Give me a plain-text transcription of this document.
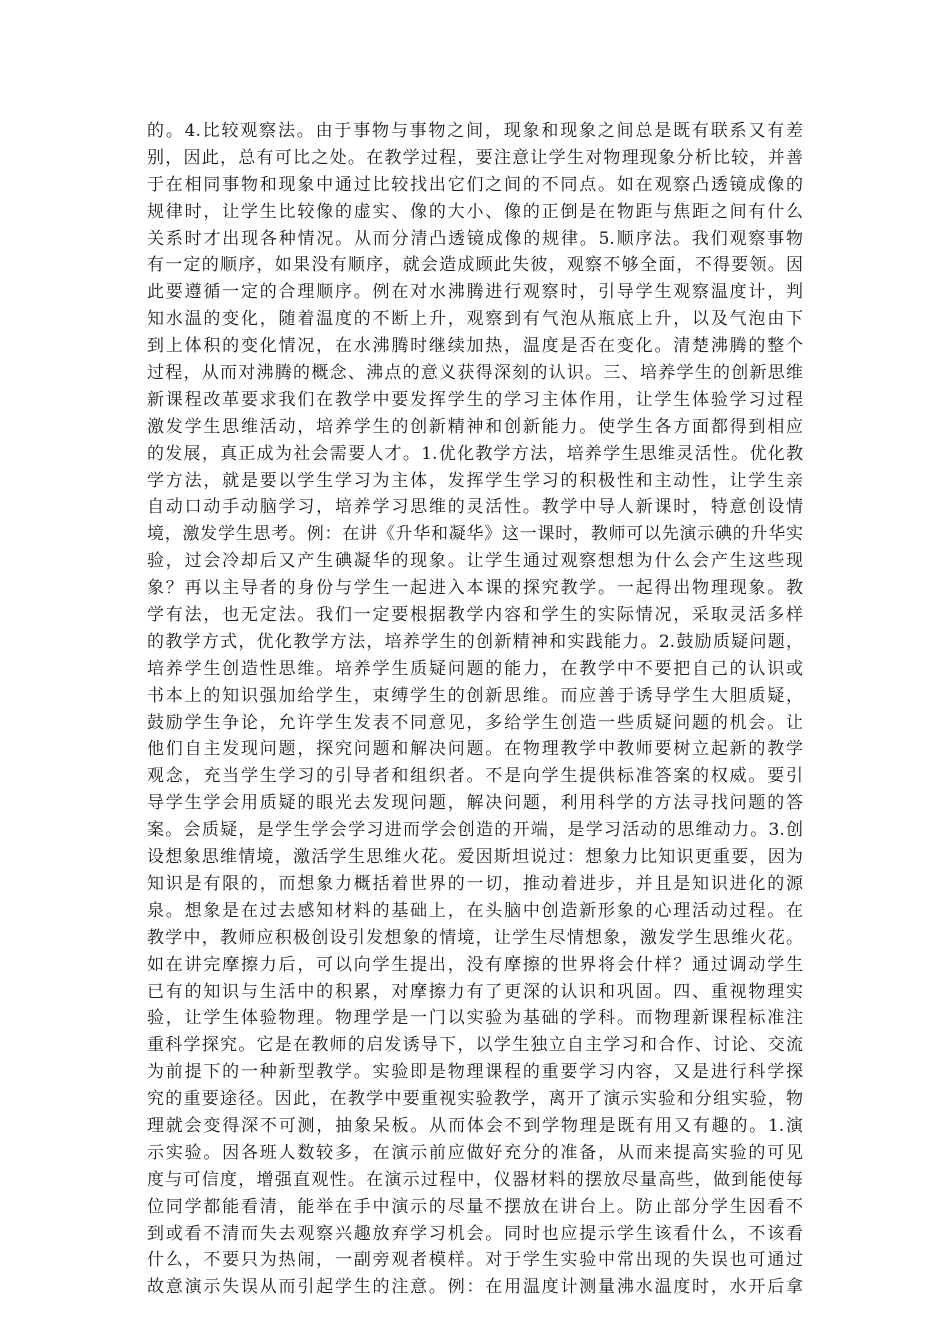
的。4.比较观察法。由于事物与事物之间，现象和现象之间总是既有联系又有差
别，因此，总有可比之处。在教学过程，要注意让学生对物理现象分析比较，并善
于在相同事物和现象中通过比较找出它们之间的不同点。如在观察凸透镜成像的
规律时，让学生比较像的虚实、像的大小、像的正倒是在物距与焦距之间有什么
关系时才出现各种情况。从而分清凸透镜成像的规律。5.顺序法。我们观察事物
有一定的顺序，如果没有顺序，就会造成顾此失彼，观察不够全面，不得要领。因
此要遵循一定的合理顺序。例在对水沸腾进行观察时，引导学生观察温度计，判
知水温的变化，随着温度的不断上升，观察到有气泡从瓶底上升，以及气泡由下
到上体积的变化情况，在水沸腾时继续加热，温度是否在变化。清楚沸腾的整个
过程，从而对沸腾的概念、沸点的意义获得深刻的认识。三、培养学生的创新思维
新课程改革要求我们在教学中要发挥学生的学习主体作用，让学生体验学习过程
激发学生思维活动，培养学生的创新精神和创新能力。使学生各方面都得到相应
的发展，真正成为社会需要人才。1.优化教学方法，培养学生思维灵活性。优化教
学方法，就是要以学生学习为主体，发挥学生学习的积极性和主动性，让学生亲
自动口动手动脑学习，培养学习思维的灵活性。教学中导人新课时，特意创设情
境，激发学生思考。例：在讲《升华和凝华》这一课时，教师可以先演示碘的升华实
验，过会冷却后又产生碘凝华的现象。让学生通过观察想想为什么会产生这些现
象？再以主导者的身份与学生一起进入本课的探究教学。一起得出物理现象。教
学有法，也无定法。我们一定要根据教学内容和学生的实际情况，采取灵活多样
的教学方式，优化教学方法，培养学生的创新精神和实践能力。2.鼓励质疑问题，
培养学生创造性思维。培养学生质疑问题的能力，在教学中不要把自己的认识或
书本上的知识强加给学生，束缚学生的创新思维。而应善于诱导学生大胆质疑，
鼓励学生争论，允许学生发表不同意见，多给学生创造一些质疑问题的机会。让
他们自主发现问题，探究问题和解决问题。在物理教学中教师要树立起新的教学
观念，充当学生学习的引导者和组织者。不是向学生提供标准答案的权威。要引
导学生学会用质疑的眼光去发现问题，解决问题，利用科学的方法寻找问题的答
案。会质疑，是学生学会学习进而学会创造的开端，是学习活动的思维动力。3.创
设想象思维情境，激活学生思维火花。爱因斯坦说过：想象力比知识更重要，因为
知识是有限的，而想象力概括着世界的一切，推动着进步，并且是知识进化的源
泉。想象是在过去感知材料的基础上，在头脑中创造新形象的心理活动过程。在
教学中，教师应积极创设引发想象的情境，让学生尽情想象，激发学生思维火花。
如在讲完摩擦力后，可以向学生提出，没有摩擦的世界将会什样？通过调动学生
已有的知识与生活中的积累，对摩擦力有了更深的认识和巩固。四、重视物理实
验，让学生体验物理。物理学是一门以实验为基础的学科。而物理新课程标准注
重科学探究。它是在教师的启发诱导下，以学生独立自主学习和合作、讨论、交流
为前提下的一种新型教学。实验即是物理课程的重要学习内容，又是进行科学探
究的重要途径。因此，在教学中要重视实验教学，离开了演示实验和分组实验，物
理就会变得深不可测，抽象呆板。从而体会不到学物理是既有用又有趣的。1.演
示实验。因各班人数较多，在演示前应做好充分的准备，从而来提高实验的可见
度与可信度，增强直观性。在演示过程中，仪器材料的摆放尽量高些，做到能使每
位同学都能看清，能举在手中演示的尽量不摆放在讲台上。防止部分学生因看不
到或看不清而失去观察兴趣放弃学习机会。同时也应提示学生该看什么，不该看
什么，不要只为热闹，一副旁观者模样。对于学生实验中常出现的失误也可通过
故意演示失误从而引起学生的注意。例：在用温度计测量沸水温度时，水开后拿
